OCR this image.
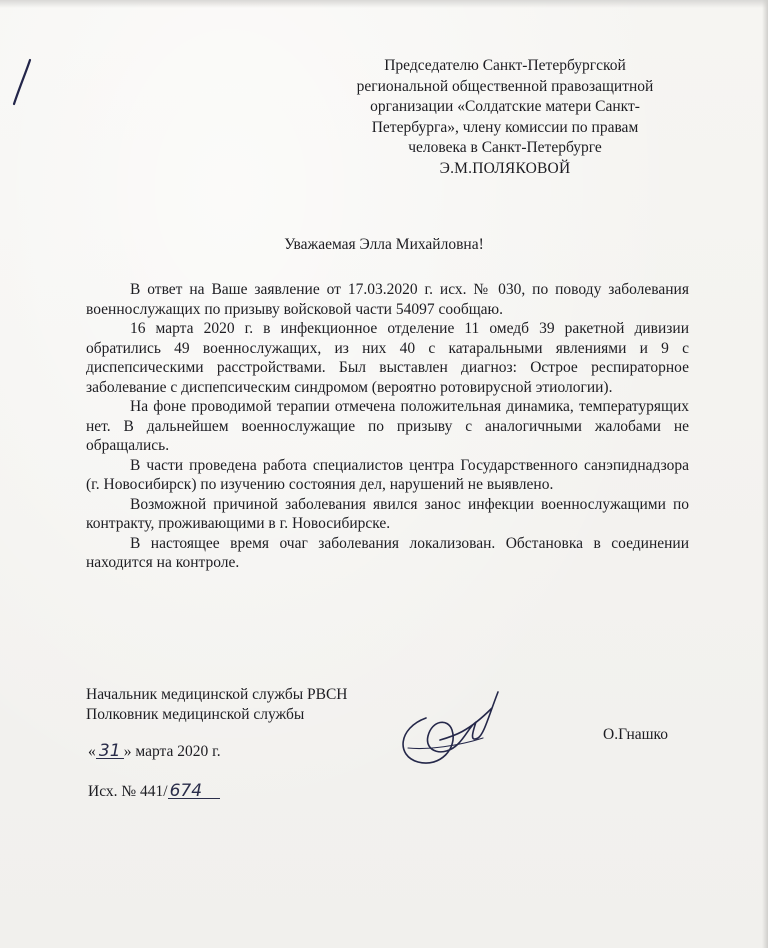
Председателю Санкт-Петербургской
региональной общественной правозащитной
организации «Солдатские матери Санкт-
Петербурга», члену комиссии по правам
человека в Санкт-Петербурге
Э.М.ПОЛЯКОВОЙ
Уважаемая Элла Михайловна!

В ответ на Ваше заявление от 17.03.2020 г. исх. № 030, по поводу заболевания военнослужащих по призыву войсковой части 54097 сообщаю.

16 марта 2020 г. в инфекционное отделение 11 омедб 39 ракетной дивизии обратились 49 военнослужащих, из них 40 с катаральными явлениями и 9 с диспепсическими расстройствами. Был выставлен диагноз: Острое респираторное заболевание с диспепсическим синдромом (вероятно ротовирусной этиологии).

На фоне проводимой терапии отмечена положительная динамика, температурящих нет. В дальнейшем военнослужащие по призыву с аналогичными жалобами не обращались.

В части проведена работа специалистов центра Государственного санэпиднадзора (г. Новосибирск) по изучению состояния дел, нарушений не выявлено.

Возможной причиной заболевания явился занос инфекции военнослужащими по контракту, проживающими в г. Новосибирске.

В настоящее время очаг заболевания локализован. Обстановка в соединении находится на контроле.

Начальник медицинской службы РВСН
Полковник медицинской службы
О.Гнашко
« 31 » марта 2020 г.
Исх. № 441/ 674
